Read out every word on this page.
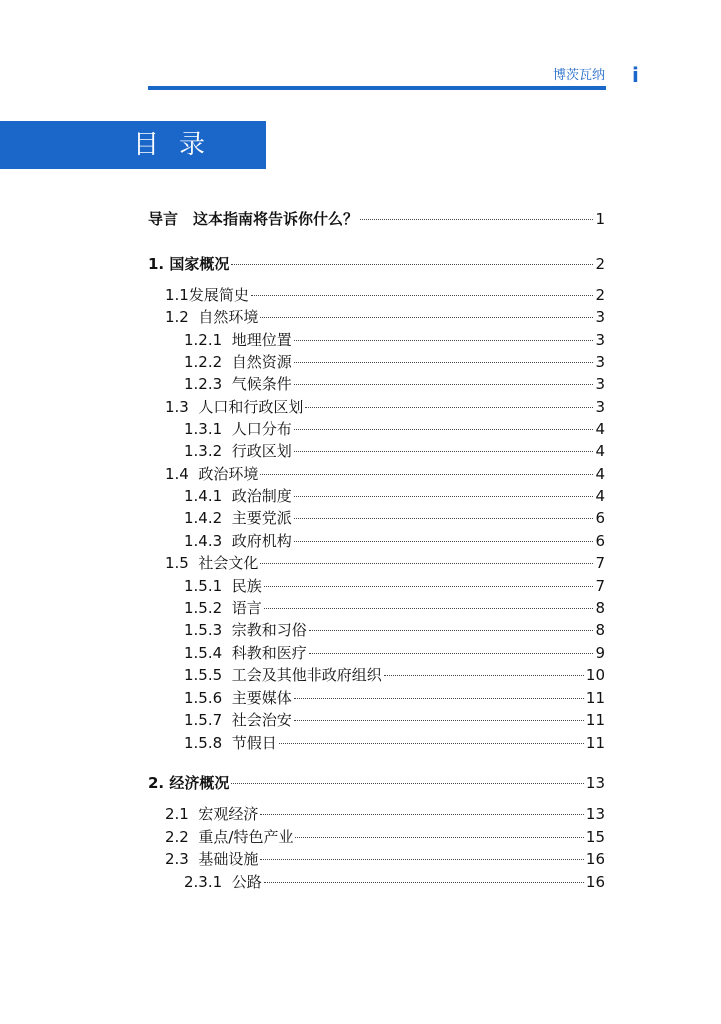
博茨瓦纳 i
目录
导言　这本指南将告诉你什么？	1
1. 国家概况	2
1.1发展简史	2
1.2  自然环境	3
1.2.1  地理位置	3
1.2.2  自然资源	3
1.2.3  气候条件	3
1.3  人口和行政区划	3
1.3.1  人口分布	4
1.3.2  行政区划	4
1.4  政治环境	4
1.4.1  政治制度	4
1.4.2  主要党派	6
1.4.3  政府机构	6
1.5  社会文化	7
1.5.1  民族	7
1.5.2  语言	8
1.5.3  宗教和习俗	8
1.5.4  科教和医疗	9
1.5.5  工会及其他非政府组织	10
1.5.6  主要媒体	11
1.5.7  社会治安	11
1.5.8  节假日	11
2. 经济概况	13
2.1  宏观经济	13
2.2  重点/特色产业	15
2.3  基础设施	16
2.3.1  公路	16
